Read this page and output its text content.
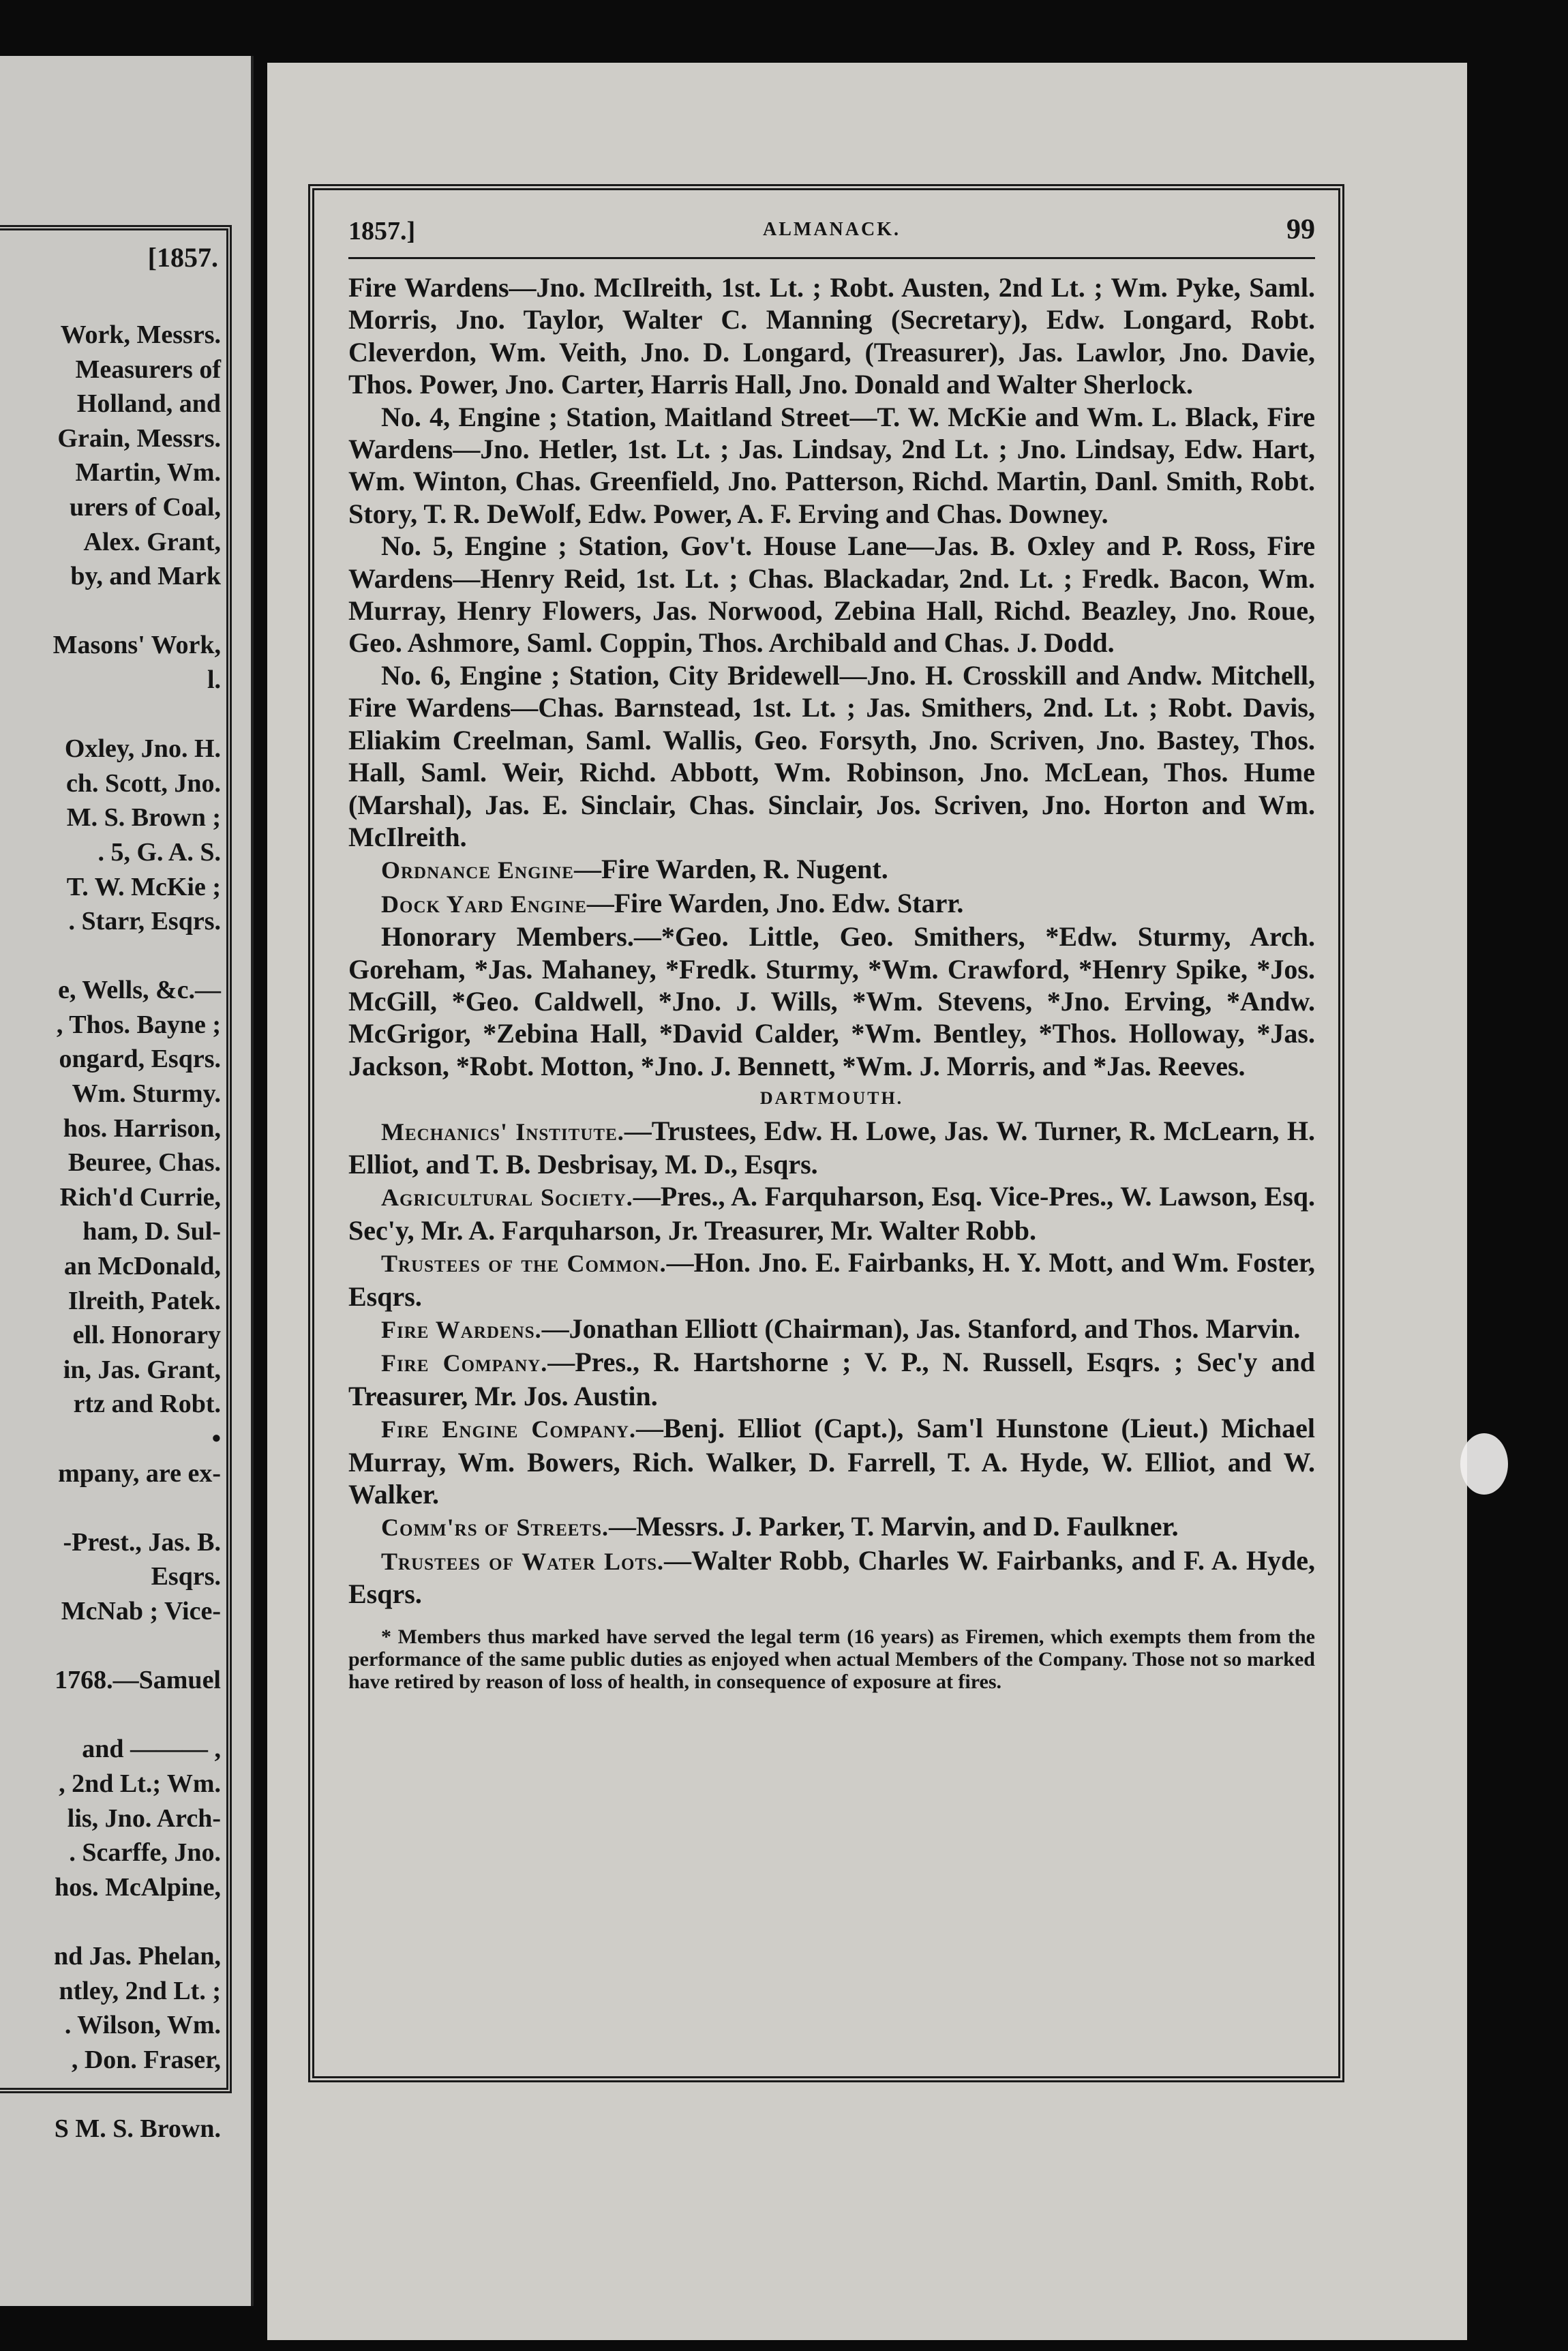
[1857.
Work, Messrs.
Measurers of
Holland, and
Grain, Messrs.
Martin, Wm.
urers of Coal,
Alex. Grant,
by, and Mark

Masons' Work,
l.

Oxley, Jno. H.
ch. Scott, Jno.
M. S. Brown ;
. 5, G. A. S.
T. W. McKie ;
. Starr, Esqrs.

e, Wells, &c.—
, Thos. Bayne ;
ongard, Esqrs.
Wm. Sturmy.
hos. Harrison,
Beuree, Chas.
Rich'd Currie,
ham, D. Sul-
an McDonald,
Ilreith, Patek.
ell. Honorary
in, Jas. Grant,
rtz and Robt.
•
mpany, are ex-

-Prest., Jas. B.
Esqrs.
McNab ; Vice-

1768.—Samuel

and ——— ,
, 2nd Lt.; Wm.
lis, Jno. Arch-
. Scarffe, Jno.
hos. McAlpine,

nd Jas. Phelan,
ntley, 2nd Lt. ;
. Wilson, Wm.
, Don. Fraser,

S M. S. Brown.
1857.]	ALMANACK.	99

Fire Wardens—Jno. McIlreith, 1st. Lt. ; Robt. Austen, 2nd Lt. ; Wm. Pyke, Saml. Morris, Jno. Taylor, Walter C. Manning (Secretary), Edw. Longard, Robt. Cleverdon, Wm. Veith, Jno. D. Longard, (Treasurer), Jas. Lawlor, Jno. Davie, Thos. Power, Jno. Carter, Harris Hall, Jno. Donald and Walter Sherlock.

No. 4, Engine ; Station, Maitland Street—T. W. McKie and Wm. L. Black, Fire Wardens—Jno. Hetler, 1st. Lt. ; Jas. Lindsay, 2nd Lt. ; Jno. Lindsay, Edw. Hart, Wm. Winton, Chas. Greenfield, Jno. Patterson, Richd. Martin, Danl. Smith, Robt. Story, T. R. DeWolf, Edw. Power, A. F. Erving and Chas. Downey.

No. 5, Engine ; Station, Gov't. House Lane—Jas. B. Oxley and P. Ross, Fire Wardens—Henry Reid, 1st. Lt. ; Chas. Blackadar, 2nd. Lt. ; Fredk. Bacon, Wm. Murray, Henry Flowers, Jas. Norwood, Zebina Hall, Richd. Beazley, Jno. Roue, Geo. Ashmore, Saml. Coppin, Thos. Archibald and Chas. J. Dodd.

No. 6, Engine ; Station, City Bridewell—Jno. H. Crosskill and Andw. Mitchell, Fire Wardens—Chas. Barnstead, 1st. Lt. ; Jas. Smithers, 2nd. Lt. ; Robt. Davis, Eliakim Creelman, Saml. Wallis, Geo. Forsyth, Jno. Scriven, Jno. Bastey, Thos. Hall, Saml. Weir, Richd. Abbott, Wm. Robinson, Jno. McLean, Thos. Hume (Marshal), Jas. E. Sinclair, Chas. Sinclair, Jos. Scriven, Jno. Horton and Wm. McIlreith.

Ordnance Engine—Fire Warden, R. Nugent.

Dock Yard Engine—Fire Warden, Jno. Edw. Starr.

Honorary Members.—*Geo. Little, Geo. Smithers, *Edw. Sturmy, Arch. Goreham, *Jas. Mahaney, *Fredk. Sturmy, *Wm. Crawford, *Henry Spike, *Jos. McGill, *Geo. Caldwell, *Jno. J. Wills, *Wm. Stevens, *Jno. Erving, *Andw. McGrigor, *Zebina Hall, *David Calder, *Wm. Bentley, *Thos. Holloway, *Jas. Jackson, *Robt. Motton, *Jno. J. Bennett, *Wm. J. Morris, and *Jas. Reeves.

DARTMOUTH.

Mechanics' Institute.—Trustees, Edw. H. Lowe, Jas. W. Turner, R. McLearn, H. Elliot, and T. B. Desbrisay, M. D., Esqrs.

Agricultural Society.—Pres., A. Farquharson, Esq. Vice-Pres., W. Lawson, Esq. Sec'y, Mr. A. Farquharson, Jr. Treasurer, Mr. Walter Robb.

Trustees of the Common.—Hon. Jno. E. Fairbanks, H. Y. Mott, and Wm. Foster, Esqrs.

Fire Wardens.—Jonathan Elliott (Chairman), Jas. Stanford, and Thos. Marvin.

Fire Company.—Pres., R. Hartshorne ; V. P., N. Russell, Esqrs. ; Sec'y and Treasurer, Mr. Jos. Austin.

Fire Engine Company.—Benj. Elliot (Capt.), Sam'l Hunstone (Lieut.) Michael Murray, Wm. Bowers, Rich. Walker, D. Farrell, T. A. Hyde, W. Elliot, and W. Walker.

Comm'rs of Streets.—Messrs. J. Parker, T. Marvin, and D. Faulkner.

Trustees of Water Lots.—Walter Robb, Charles W. Fairbanks, and F. A. Hyde, Esqrs.

* Members thus marked have served the legal term (16 years) as Firemen, which exempts them from the performance of the same public duties as enjoyed when actual Members of the Company. Those not so marked have retired by reason of loss of health, in consequence of exposure at fires.
